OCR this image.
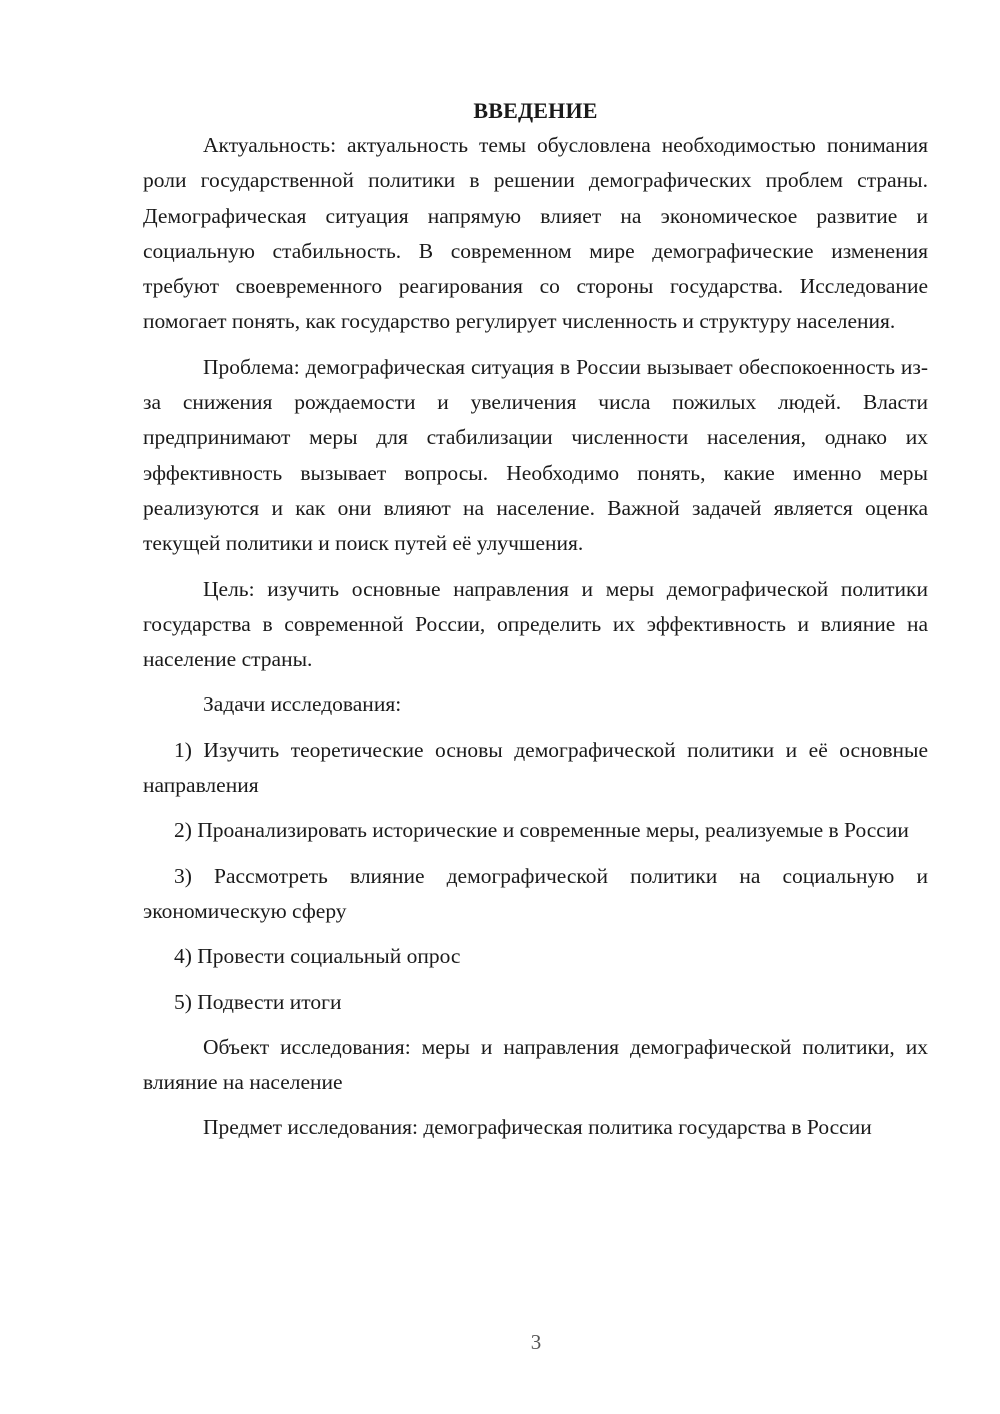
ВВЕДЕНИЕ

Актуальность: актуальность темы обусловлена необходимостью понимания роли государственной политики в решении демографических проблем страны. Демографическая ситуация напрямую влияет на экономическое развитие и социальную стабильность. В современном мире демографические изменения требуют своевременного реагирования со стороны государства. Исследование помогает понять, как государство регулирует численность и структуру населения.

Проблема: демографическая ситуация в России вызывает обеспокоенность из-за снижения рождаемости и увеличения числа пожилых людей. Власти предпринимают меры для стабилизации численности населения, однако их эффективность вызывает вопросы. Необходимо понять, какие именно меры реализуются и как они влияют на население. Важной задачей является оценка текущей политики и поиск путей её улучшения.

Цель: изучить основные направления и меры демографической политики государства в современной России, определить их эффективность и влияние на население страны.

Задачи исследования:

1) Изучить теоретические основы демографической политики и её основные направления

2) Проанализировать исторические и современные меры, реализуемые в России

3) Рассмотреть влияние демографической политики на социальную и экономическую сферу

4) Провести социальный опрос

5) Подвести итоги

Объект исследования: меры и направления демографической политики, их влияние на население

Предмет исследования: демографическая политика государства в России

3
